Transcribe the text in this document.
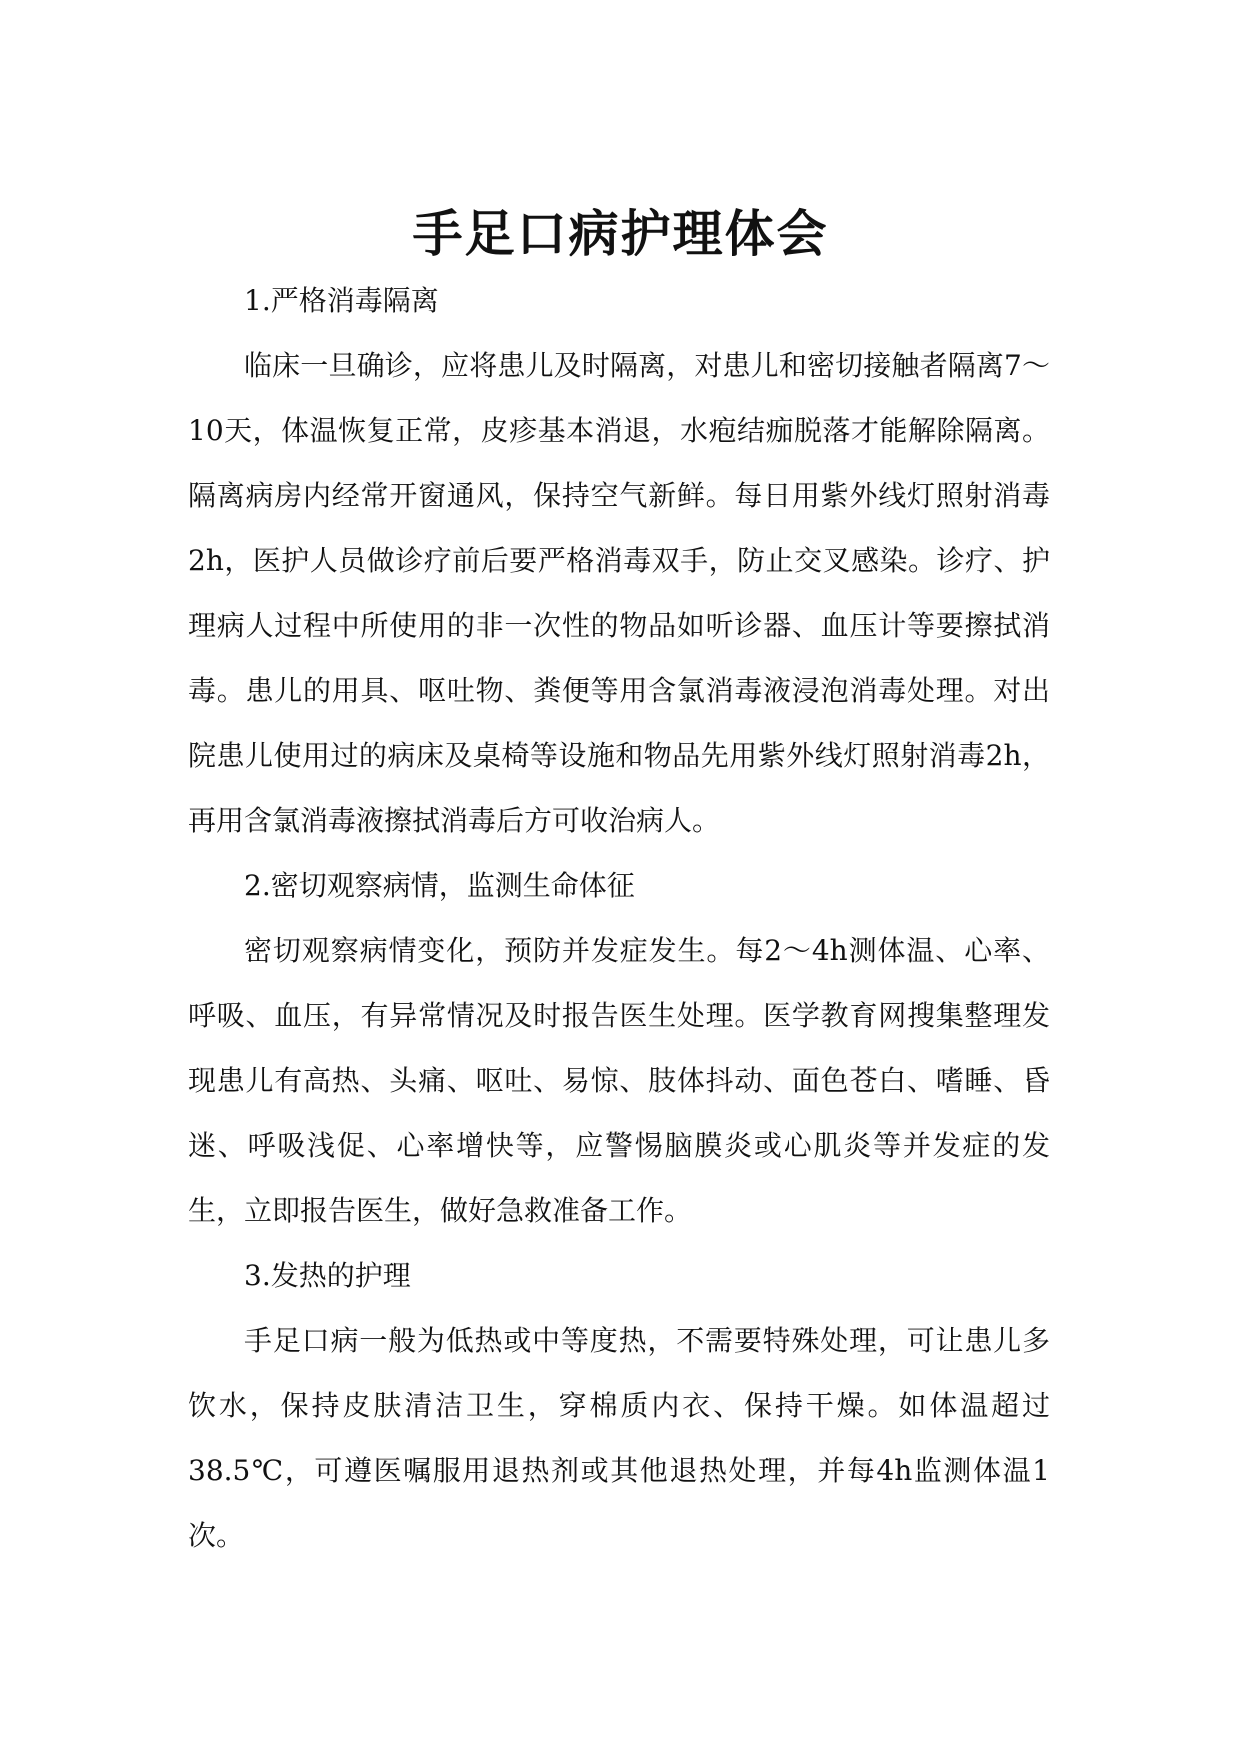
手足口病护理体会

1.严格消毒隔离

临床一旦确诊，应将患儿及时隔离，对患儿和密切接触者隔离7～10天，体温恢复正常，皮疹基本消退，水疱结痂脱落才能解除隔离。隔离病房内经常开窗通风，保持空气新鲜。每日用紫外线灯照射消毒2h，医护人员做诊疗前后要严格消毒双手，防止交叉感染。诊疗、护理病人过程中所使用的非一次性的物品如听诊器、血压计等要擦拭消毒。患儿的用具、呕吐物、粪便等用含氯消毒液浸泡消毒处理。对出院患儿使用过的病床及桌椅等设施和物品先用紫外线灯照射消毒2h，再用含氯消毒液擦拭消毒后方可收治病人。

2.密切观察病情，监测生命体征

密切观察病情变化，预防并发症发生。每2～4h测体温、心率、呼吸、血压，有异常情况及时报告医生处理。医学教育网搜集整理发现患儿有高热、头痛、呕吐、易惊、肢体抖动、面色苍白、嗜睡、昏迷、呼吸浅促、心率增快等，应警惕脑膜炎或心肌炎等并发症的发生，立即报告医生，做好急救准备工作。

3.发热的护理

手足口病一般为低热或中等度热，不需要特殊处理，可让患儿多饮水，保持皮肤清洁卫生，穿棉质内衣、保持干燥。如体温超过38.5℃，可遵医嘱服用退热剂或其他退热处理，并每4h监测体温1次。
